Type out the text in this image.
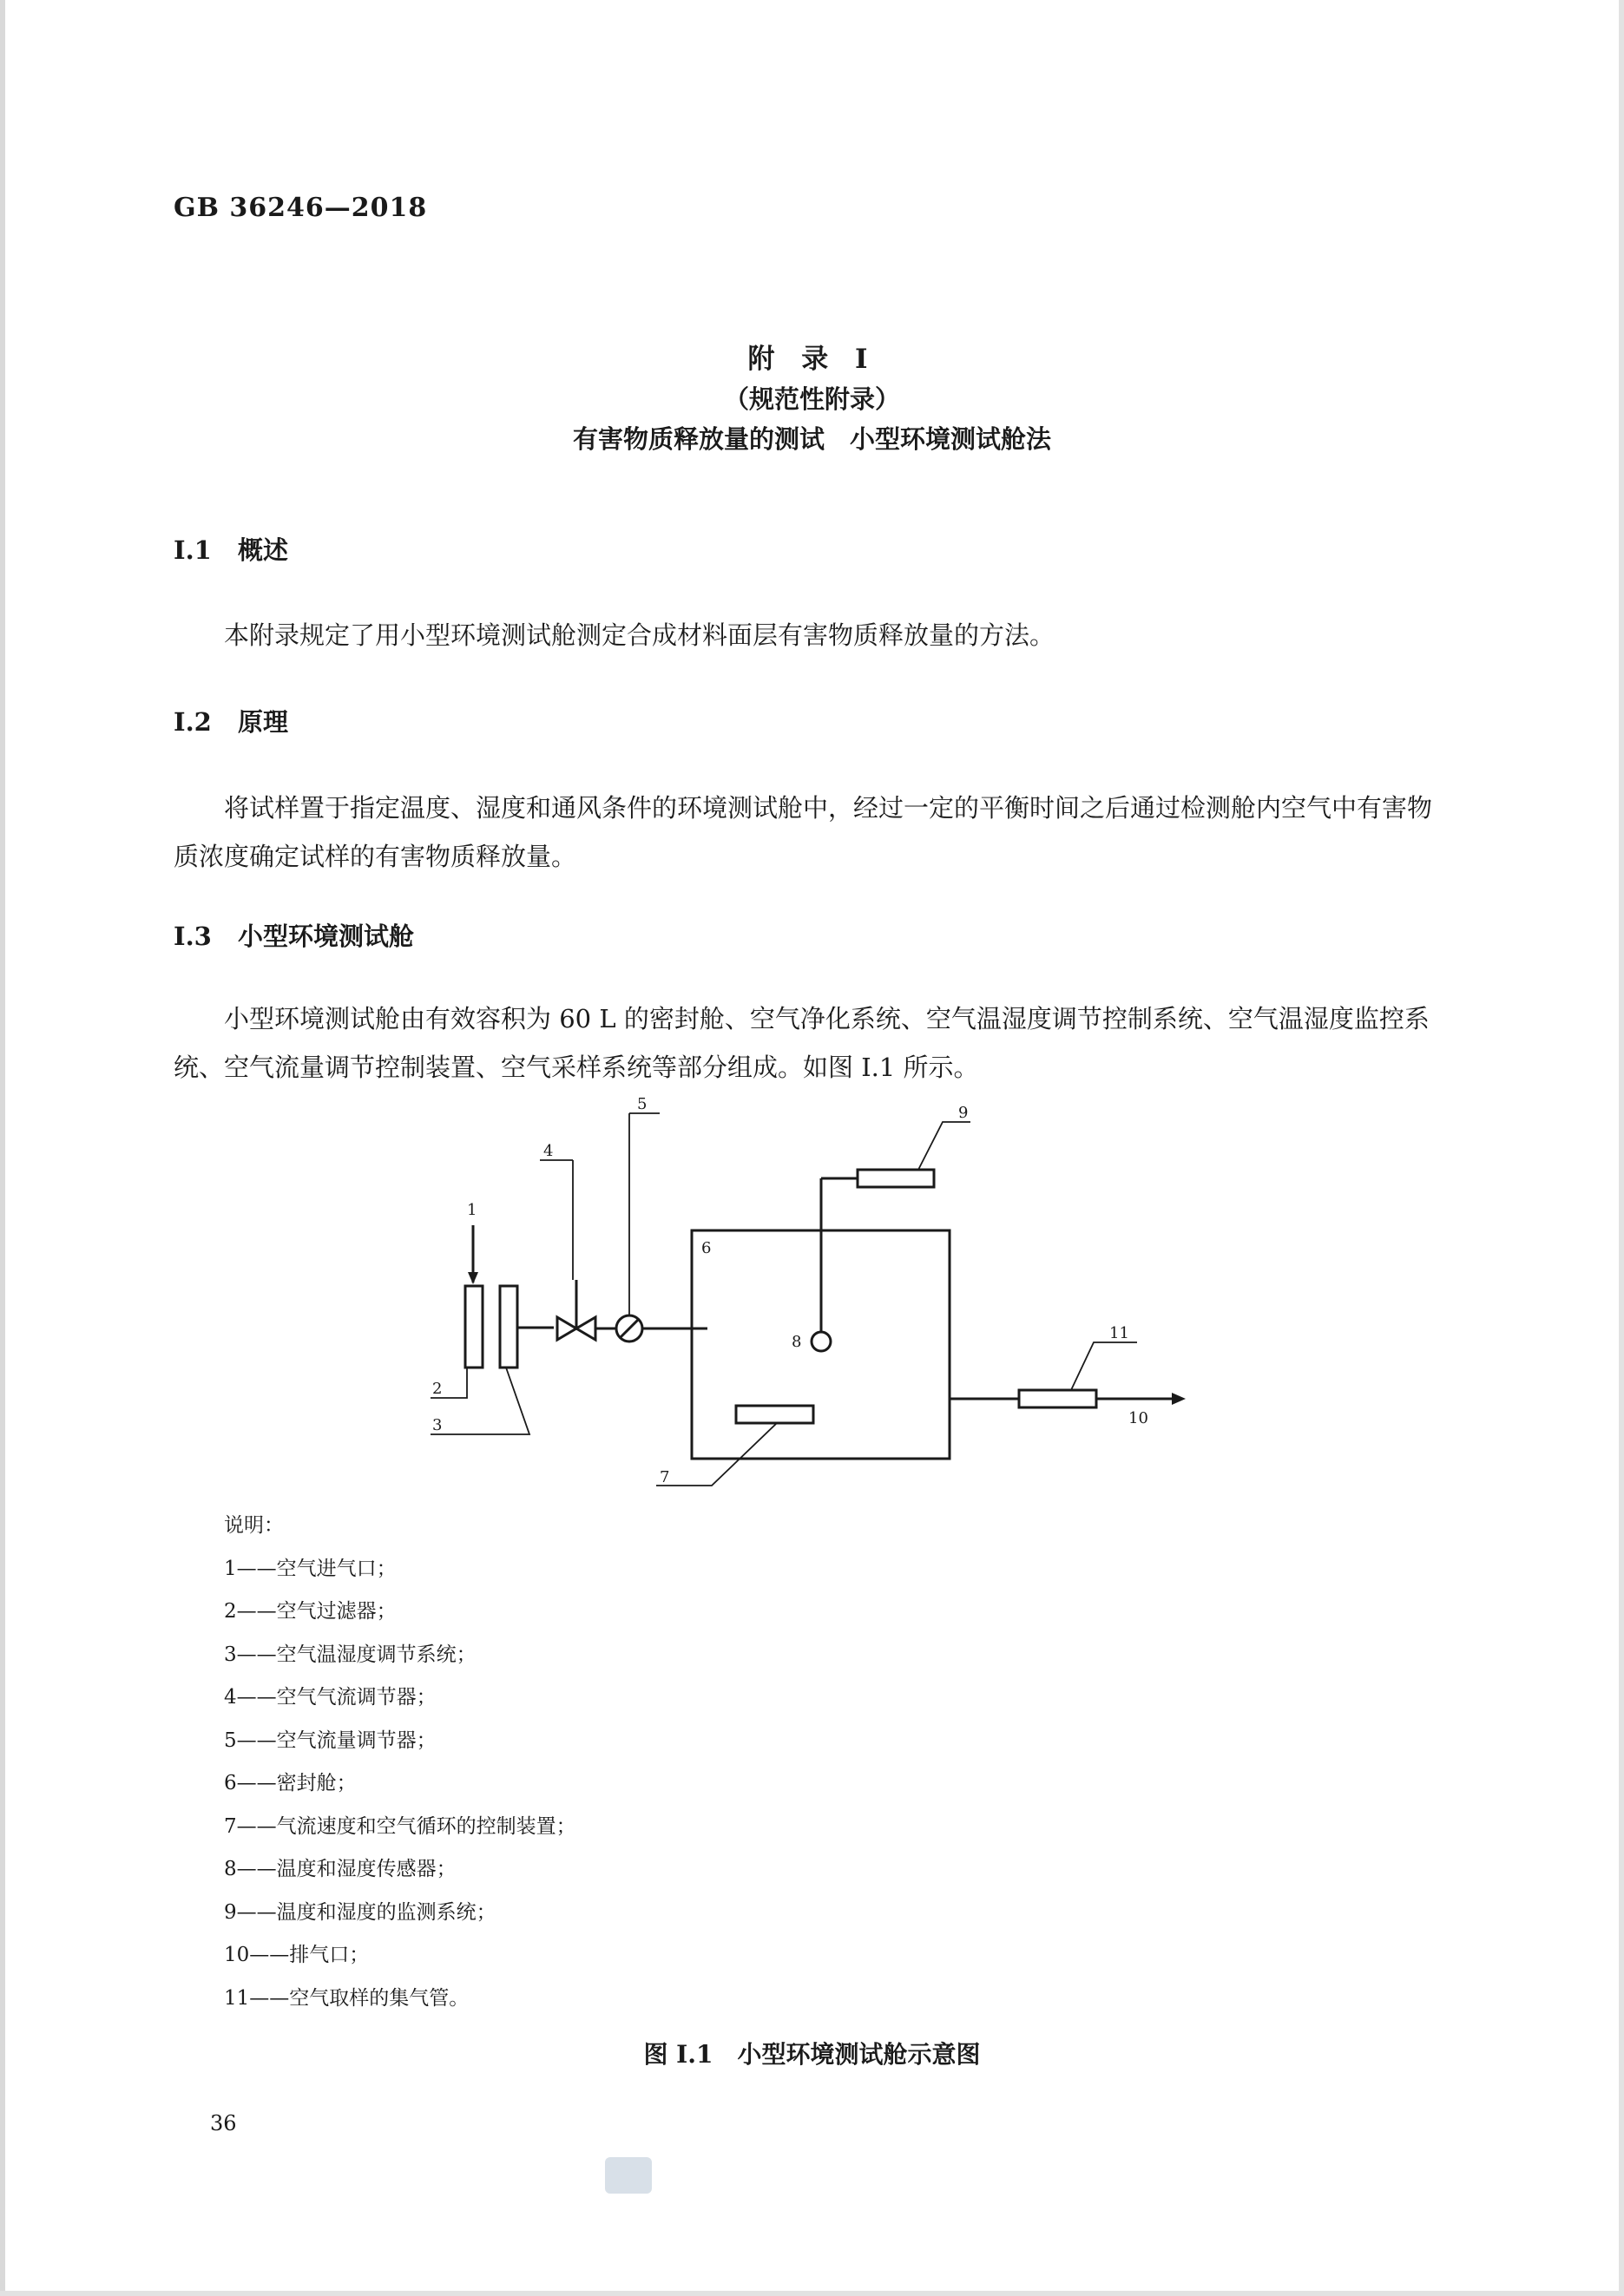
GB 36246—2018
附 录 I
（规范性附录）
有害物质释放量的测试　小型环境测试舱法
I.1 概述
本附录规定了用小型环境测试舱测定合成材料面层有害物质释放量的方法。
I.2 原理
将试样置于指定温度、湿度和通风条件的环境测试舱中，经过一定的平衡时间之后通过检测舱内空气中有害物质浓度确定试样的有害物质释放量。
I.3 小型环境测试舱
小型环境测试舱由有效容积为 60 L 的密封舱、空气净化系统、空气温湿度调节控制系统、空气温湿度监控系统、空气流量调节控制装置、空气采样系统等部分组成。如图 I.1 所示。
1
2
3
4
5
6
7
8
9
10
11
说明：
1——空气进气口；
2——空气过滤器；
3——空气温湿度调节系统；
4——空气气流调节器；
5——空气流量调节器；
6——密封舱；
7——气流速度和空气循环的控制装置；
8——温度和湿度传感器；
9——温度和湿度的监测系统；
10——排气口；
11——空气取样的集气管。
图 I.1　 小型环境测试舱示意图
36
